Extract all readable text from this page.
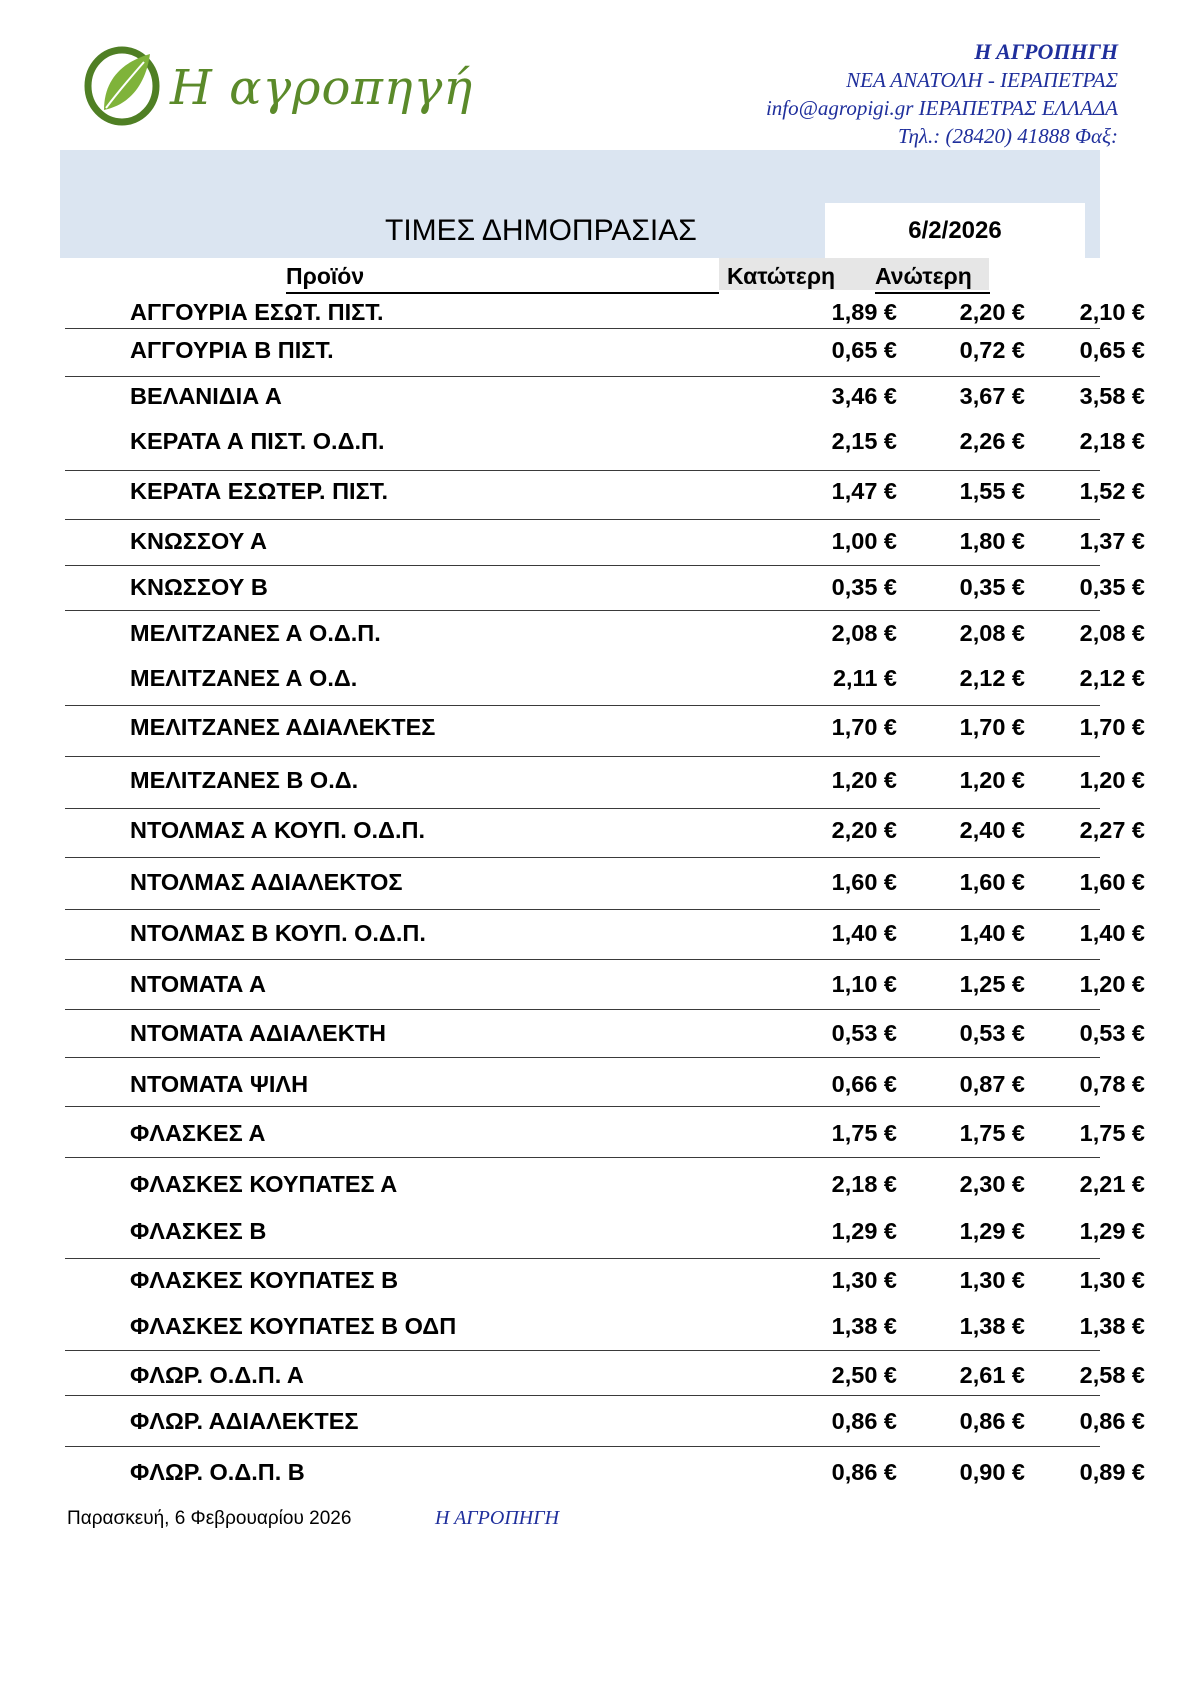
Η αγροπηγή
Η ΑΓΡΟΠΗΓΗ
ΝΕΑ ΑΝΑΤΟΛΗ - ΙΕΡΑΠΕΤΡΑΣ
info@agropigi.gr ΙΕΡΑΠΕΤΡΑΣ ΕΛΛΑΔΑ
Τηλ.: (28420) 41888 Φαξ:
ΤΙΜΕΣ ΔΗΜΟΠΡΑΣΙΑΣ	6/2/2026
Προϊόν	Κατώτερη Ανώτερη
ΑΓΓΟΥΡΙΑ ΕΣΩΤ. ΠΙΣΤ.	1,89 €	2,20 €	2,10 €
ΑΓΓΟΥΡΙΑ Β ΠΙΣΤ.	0,65 €	0,72 €	0,65 €
ΒΕΛΑΝΙΔΙΑ Α	3,46 €	3,67 €	3,58 €
ΚΕΡΑΤΑ Α ΠΙΣΤ. Ο.Δ.Π.	2,15 €	2,26 €	2,18 €
ΚΕΡΑΤΑ ΕΣΩΤΕΡ. ΠΙΣΤ.	1,47 €	1,55 €	1,52 €
ΚΝΩΣΣΟΥ Α	1,00 €	1,80 €	1,37 €
ΚΝΩΣΣΟΥ Β	0,35 €	0,35 €	0,35 €
ΜΕΛΙΤΖΑΝΕΣ Α Ο.Δ.Π.	2,08 €	2,08 €	2,08 €
ΜΕΛΙΤΖΑΝΕΣ Α Ο.Δ.	2,11 €	2,12 €	2,12 €
ΜΕΛΙΤΖΑΝΕΣ ΑΔΙΑΛΕΚΤΕΣ	1,70 €	1,70 €	1,70 €
ΜΕΛΙΤΖΑΝΕΣ Β Ο.Δ.	1,20 €	1,20 €	1,20 €
ΝΤΟΛΜΑΣ Α ΚΟΥΠ. Ο.Δ.Π.	2,20 €	2,40 €	2,27 €
ΝΤΟΛΜΑΣ ΑΔΙΑΛΕΚΤΟΣ	1,60 €	1,60 €	1,60 €
ΝΤΟΛΜΑΣ Β ΚΟΥΠ. Ο.Δ.Π.	1,40 €	1,40 €	1,40 €
ΝΤΟΜΑΤΑ Α	1,10 €	1,25 €	1,20 €
ΝΤΟΜΑΤΑ ΑΔΙΑΛΕΚΤΗ	0,53 €	0,53 €	0,53 €
ΝΤΟΜΑΤΑ ΨΙΛΗ	0,66 €	0,87 €	0,78 €
ΦΛΑΣΚΕΣ Α	1,75 €	1,75 €	1,75 €
ΦΛΑΣΚΕΣ ΚΟΥΠΑΤΕΣ Α	2,18 €	2,30 €	2,21 €
ΦΛΑΣΚΕΣ Β	1,29 €	1,29 €	1,29 €
ΦΛΑΣΚΕΣ ΚΟΥΠΑΤΕΣ Β	1,30 €	1,30 €	1,30 €
ΦΛΑΣΚΕΣ ΚΟΥΠΑΤΕΣ Β ΟΔΠ	1,38 €	1,38 €	1,38 €
ΦΛΩΡ. Ο.Δ.Π. Α	2,50 €	2,61 €	2,58 €
ΦΛΩΡ. ΑΔΙΑΛΕΚΤΕΣ	0,86 €	0,86 €	0,86 €
ΦΛΩΡ. Ο.Δ.Π. Β	0,86 €	0,90 €	0,89 €
Παρασκευή, 6 Φεβρουαρίου 2026	Η ΑΓΡΟΠΗΓΗ
